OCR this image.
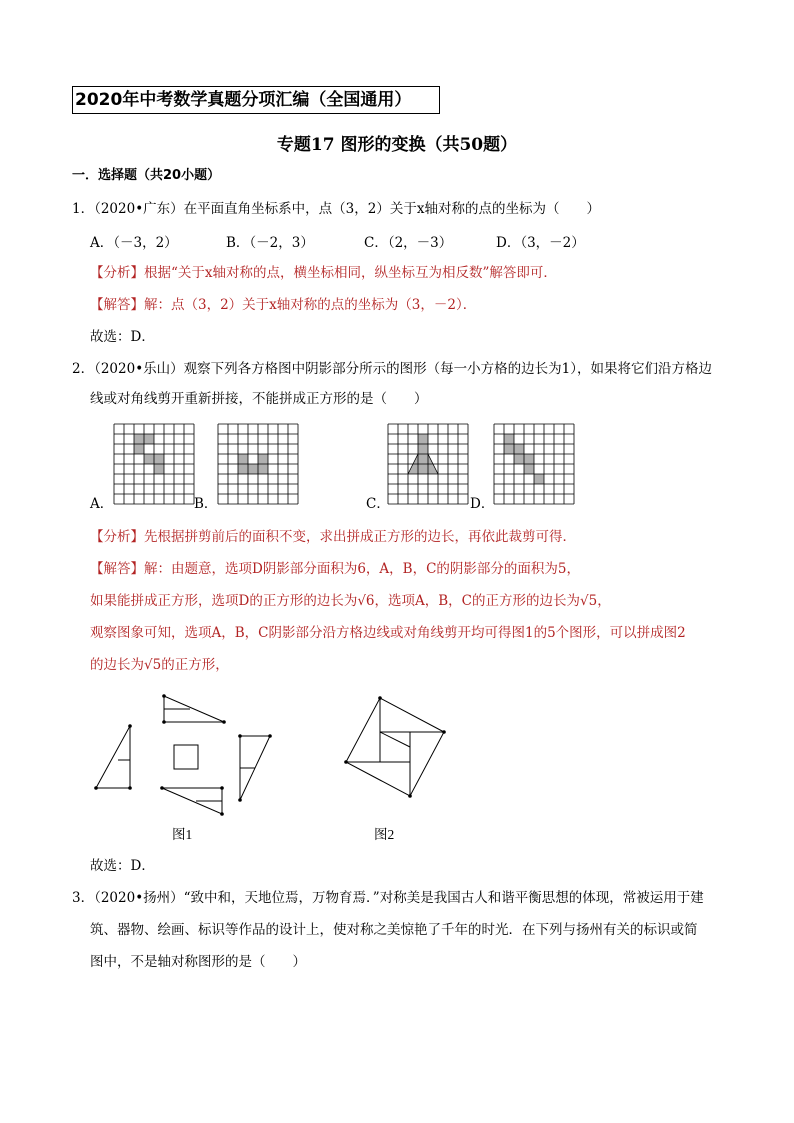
2020年中考数学真题分项汇编（全国通用）
专题17 图形的变换（共50题）
一．选择题（共20小题）
1．（2020•广东）在平面直角坐标系中，点（3，2）关于x轴对称的点的坐标为（　　）
A．（－3，2）	B．（－2，3）	C．（2，－3）	D．（3，－2）
【分析】根据“关于x轴对称的点，横坐标相同，纵坐标互为相反数”解答即可．
【解答】解：点（3，2）关于x轴对称的点的坐标为（3，－2）．
故选：D．
2．（2020•乐山）观察下列各方格图中阴影部分所示的图形（每一小方格的边长为1），如果将它们沿方格边
线或对角线剪开重新拼接，不能拼成正方形的是（　　）
A．	B．	C．	D．
【分析】先根据拼剪前后的面积不变，求出拼成正方形的边长，再依此裁剪可得．
【解答】解：由题意，选项D阴影部分面积为6，A，B，C的阴影部分的面积为5，
如果能拼成正方形，选项D的正方形的边长为√6，选项A，B，C的正方形的边长为√5，
观察图象可知，选项A，B，C阴影部分沿方格边线或对角线剪开均可得图1的5个图形，可以拼成图2
的边长为√5的正方形，
图1	图2
故选：D．
3．（2020•扬州）“致中和，天地位焉，万物育焉．”对称美是我国古人和谐平衡思想的体现，常被运用于建
筑、器物、绘画、标识等作品的设计上，使对称之美惊艳了千年的时光．在下列与扬州有关的标识或简
图中，不是轴对称图形的是（　　）
